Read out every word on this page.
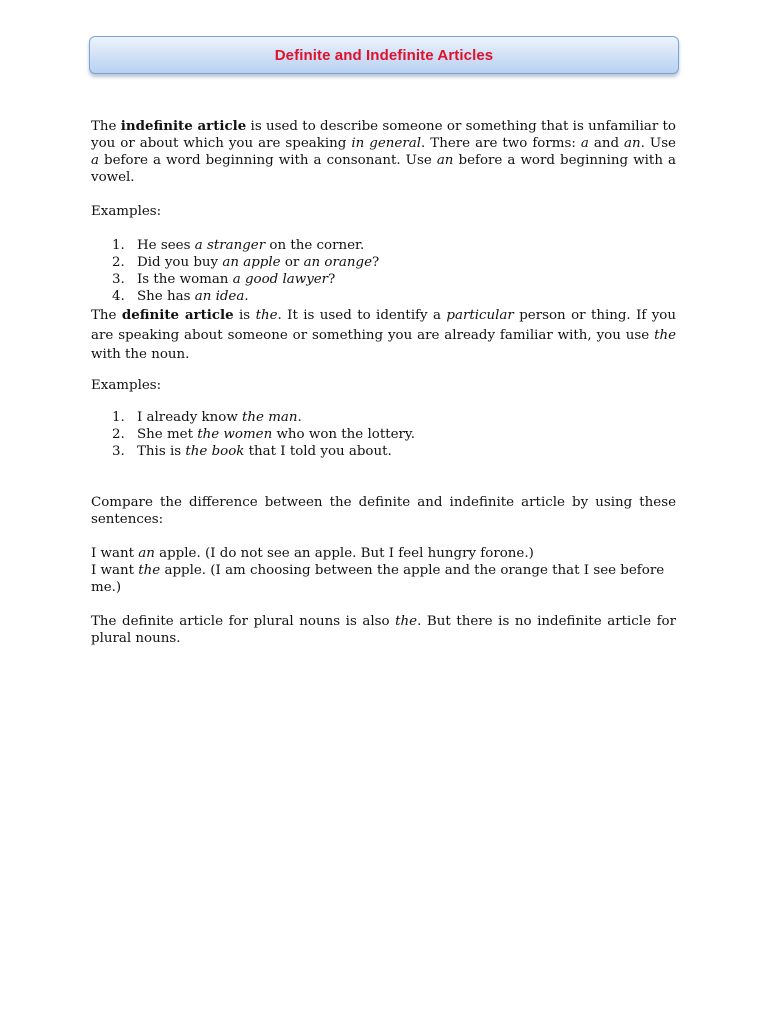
Definite and Indefinite Articles

The indefinite article is used to describe someone or something that is unfamiliar to you or about which you are speaking in general. There are two forms: a and an. Use a before a word beginning with a consonant. Use an before a word beginning with a vowel.

Examples:

1. He sees a stranger on the corner.
2. Did you buy an apple or an orange?
3. Is the woman a good lawyer?
4. She has an idea.

The definite article is the. It is used to identify a particular person or thing. If you are speaking about someone or something you are already familiar with, you use the with the noun.

Examples:

1. I already know the man.
2. She met the women who won the lottery.
3. This is the book that I told you about.

Compare the difference between the definite and indefinite article by using these sentences:

I want an apple. (I do not see an apple. But I feel hungry forone.)

I want the apple. (I am choosing between the apple and the orange that I see before me.)

The definite article for plural nouns is also the. But there is no indefinite article for plural nouns.
